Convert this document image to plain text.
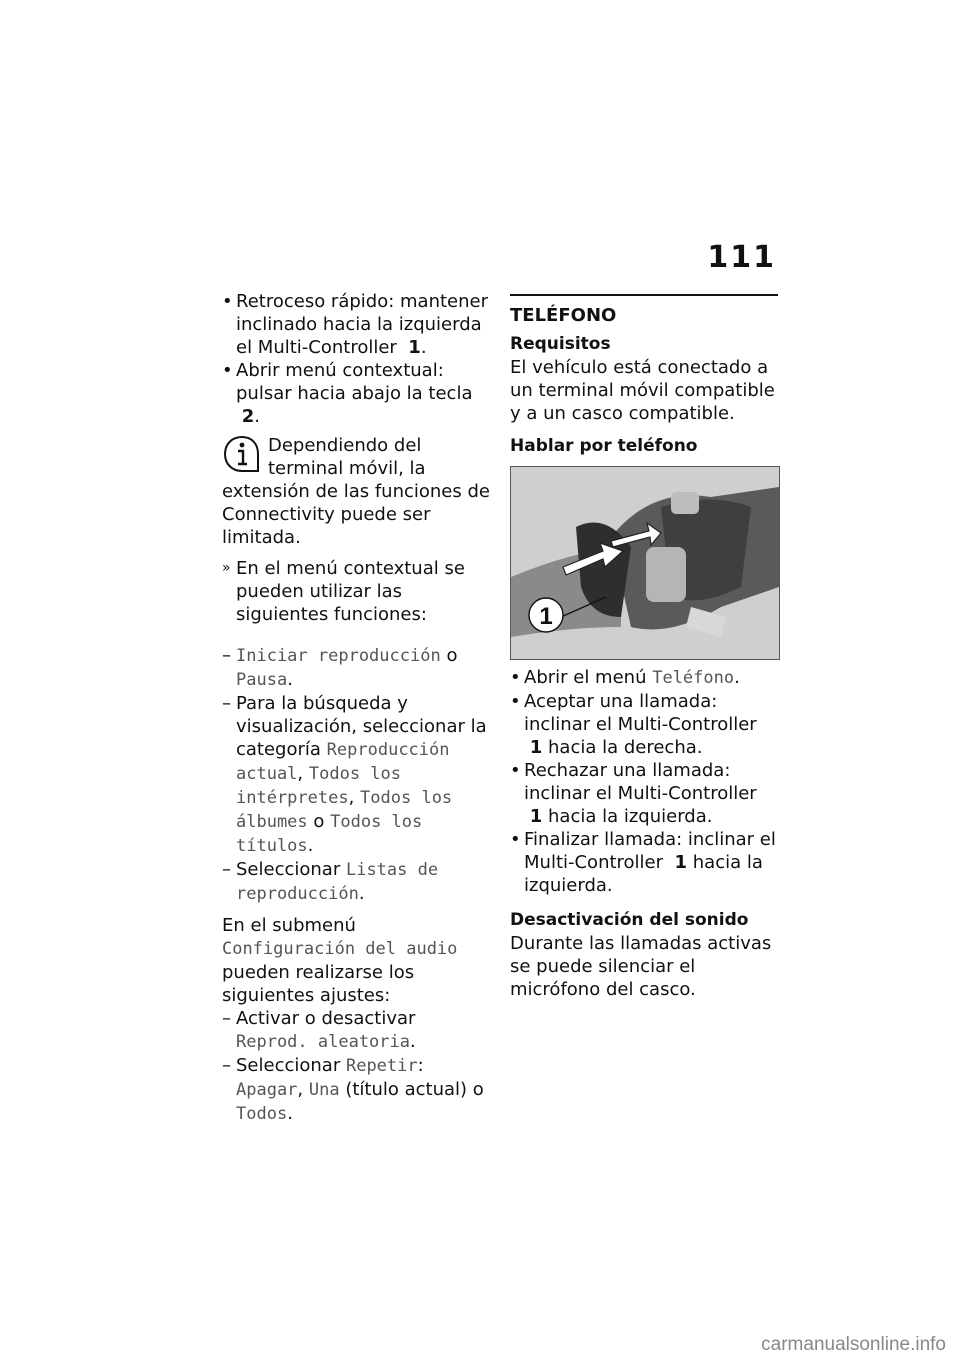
111

• Retroceso rápido: mantener inclinado hacia la izquierda el Multi-Controller 1.

• Abrir menú contextual: pulsar hacia abajo la tecla  2.

Dependiendo del terminal móvil, la extensión de las funciones de Connectivity puede ser limitada.

» En el menú contextual se pueden utilizar las siguientes funciones:

– Iniciar reproducción o Pausa.

– Para la búsqueda y visualización, seleccionar la categoría Reproducción actual, Todos los intérpretes, Todos los álbumes o Todos los títulos.

– Seleccionar Listas de reproducción.

En el submenú Configuración del audio pueden realizarse los siguientes ajustes:

– Activar o desactivar Reprod. aleatoria.

– Seleccionar Repetir: Apagar, Una (título actual) o Todos.

TELÉFONO

Requisitos

El vehículo está conectado a un terminal móvil compatible y a un casco compatible.

Hablar por teléfono

1

• Abrir el menú Teléfono.

• Aceptar una llamada: inclinar el Multi-Controller  1 hacia la derecha.

• Rechazar una llamada: inclinar el Multi-Controller  1 hacia la izquierda.

• Finalizar llamada: inclinar el Multi-Controller 1 hacia la izquierda.

Desactivación del sonido

Durante las llamadas activas se puede silenciar el micrófono del casco.

carmanualsonline.info
